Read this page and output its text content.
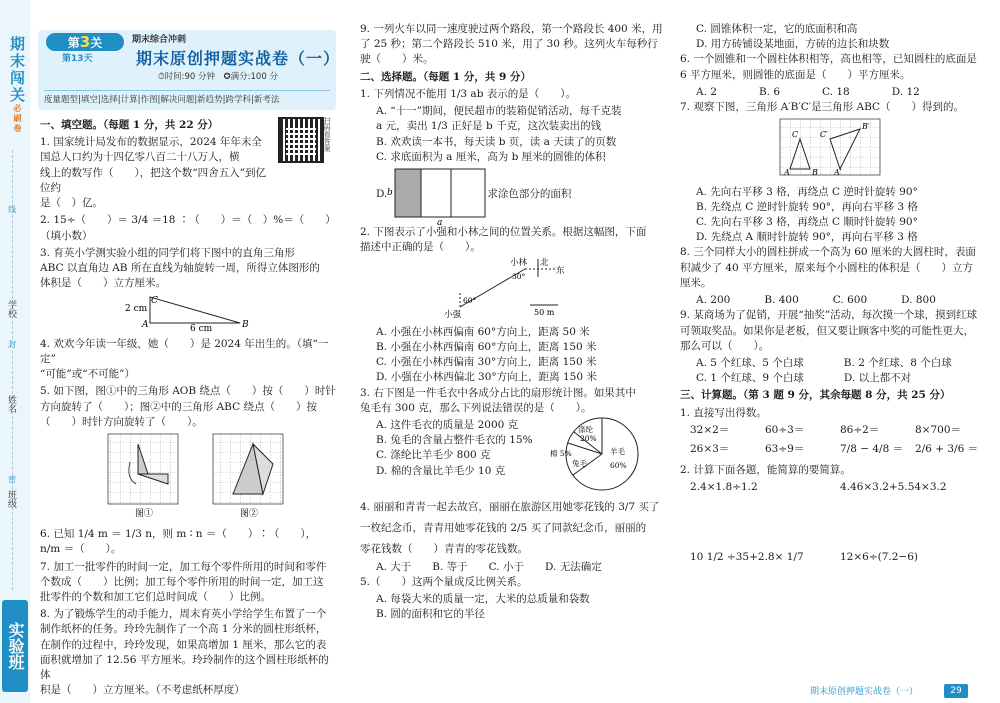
期末闯关必刷卷
线
学校
封
姓名
密
班级
实验班
第3关	期末综合冲刺
第13天	期末原创押题实战卷（一）
⏱时间:90 分钟　 ✪满分:100 分
度量题型|填空|选择|计算|作图|解决问题|新趋势|跨学科|新考法
扫码看答案
一、填空题。（每题 1 分，共 22 分）
1. 国家统计局发布的数据显示，2024 年年末全
国总人口约为十四亿零八百二十八万人，横
线上的数写作（　　），把这个数“四舍五入”到亿位约
是（　）亿。
2. 15÷（　　）＝ 3/4 ＝18 ∶（　　）＝（　）%＝（　　）（填小数）
3. 育英小学测实验小组的同学们将下图中的直角三角形
ABC 以直角边 AB 所在直线为轴旋转一周，所得立体图形的
体积是（　　）立方厘米。
2 cm
6 cm
C
A	B
4. 欢欢今年读一年级，她（　　）是 2024 年出生的。（填“一定”
“可能”或“不可能”）
5. 如下图，图①中的三角形 AOB 绕点（　　）按（　　）时针
方向旋转了（　　）；图②中的三角形 ABC 绕点（　　）按
（　　）时针方向旋转了（　　）。
图①	图②
6. 已知 1/4 m ＝ 1/3 n，则 m ∶ n ＝（　　）∶（　　），n/m ＝（　　）。
7. 加工一批零件的时间一定，加工每个零件所用的时间和零件
个数成（　　）比例；加工每个零件所用的时间一定，加工这
批零件的个数和加工它们总时间成（　　）比例。
8. 为了锻炼学生的动手能力，周末育英小学给学生布置了一个
制作纸杯的任务。玲玲先制作了一个高 1 分米的圆柱形纸杯，
在制作的过程中，玲玲发现，如果高增加 1 厘米，那么它的表
面积就增加了 12.56 平方厘米。玲玲制作的这个圆柱形纸杯的体
积是（　　）立方厘米。（不考虑纸杯厚度）
9. 一列火车以同一速度驶过两个路段，第一个路段长 400 米，用
了 25 秒；第二个路段长 510 米，用了 30 秒。这列火车每秒行
驶（　　）米。
二、选择题。（每题 1 分，共 9 分）
1. 下列情况不能用 1/3 ab 表示的是（　　）。
A. “十一”期间，便民超市的装箱促销活动，每千克装
a 元，卖出 1/3 正好是 b 千克，这次装卖出的钱
B. 欢欢读一本书，每天读 b 页，读 a 天读了的页数
C. 求底面积为 a 厘米，高为 b 厘米的圆锥的体积
D. b
a
求涂色部分的面积
2. 下图表示了小强和小林之间的位置关系。根据这幅图，下面
描述中正确的是（　　）。
小林 北
东
30°
60°
小强	50 m
A. 小强在小林西偏南 60°方向上，距离 50 米
B. 小强在小林西偏南 60°方向上，距离 150 米
C. 小强在小林西偏南 30°方向上，距离 150 米
D. 小强在小林西偏北 30°方向上，距离 150 米
3. 右下图是一件毛衣中各成分占比的扇形统计图。如果其中
兔毛有 300 克，那么下列说法错误的是（　　）。
A. 这件毛衣的质量是 2000 克
B. 兔毛的含量占整件毛衣的 15%
C. 涤纶比羊毛少 800 克
D. 棉的含量比羊毛少 10 克
涤纶
20%
棉 5%
兔毛
羊毛
60%
4. 丽丽和青青一起去故宫，丽丽在旅游区用她零花钱的 3/7 买了
一枚纪念币，青青用她零花钱的 2/5 买了同款纪念币，丽丽的
零花钱数（　　）青青的零花钱数。
A. 大于　　B. 等于　　C. 小于　　D. 无法确定
5.（　　）这两个量成反比例关系。
A. 每袋大米的质量一定，大米的总质量和袋数
B. 圆的面积和它的半径
C. 圆锥体积一定，它的底面积和高
D. 用方砖铺设某地面，方砖的边长和块数
6. 一个圆锥和一个圆柱体积相等，高也相等，已知圆柱的底面是
6 平方厘米，则圆锥的底面是（　　）平方厘米。
A. 2	B. 6	C. 18	D. 12
7. 观察下图，三角形 A′B′C′是三角形 ABC（　　）得到的。
A	B
C
A′
B′
C′
A. 先向右平移 3 格，再绕点 C 逆时针旋转 90°
B. 先绕点 C 逆时针旋转 90°，再向右平移 3 格
C. 先向右平移 3 格，再绕点 C 顺时针旋转 90°
D. 先绕点 A 顺时针旋转 90°，再向右平移 3 格
8. 三个同样大小的圆柱拼成一个高为 60 厘米的大圆柱时，表面
积减少了 40 平方厘米，原来每个小圆柱的体积是（　　）立方
厘米。
A. 200	B. 400	C. 600	D. 800
9. 某商场为了促销，开展“抽奖”活动，每次摸一个球，摸到红球
可领取奖品。如果你是老板，但又要让顾客中奖的可能性更大，
那么可以（　　）。
A. 5 个红球、5 个白球	B. 2 个红球、8 个白球
C. 1 个红球、9 个白球	D. 以上都不对
三、计算题。（第 3 题 9 分，其余每题 8 分，共 25 分）
1. 直接写出得数。
32×2＝	60÷3＝	86÷2＝	8×700＝
26×3＝	63÷9＝	7/8 − 4/8 ＝	2/6 + 3/6 ＝
2. 计算下面各题，能简算的要简算。
2.4×1.8÷1.2	4.46×3.2+5.54×3.2
10 1/2 ÷35+2.8× 1/7	12×6÷(7.2−6)
期末原创押题实战卷（一）	29
